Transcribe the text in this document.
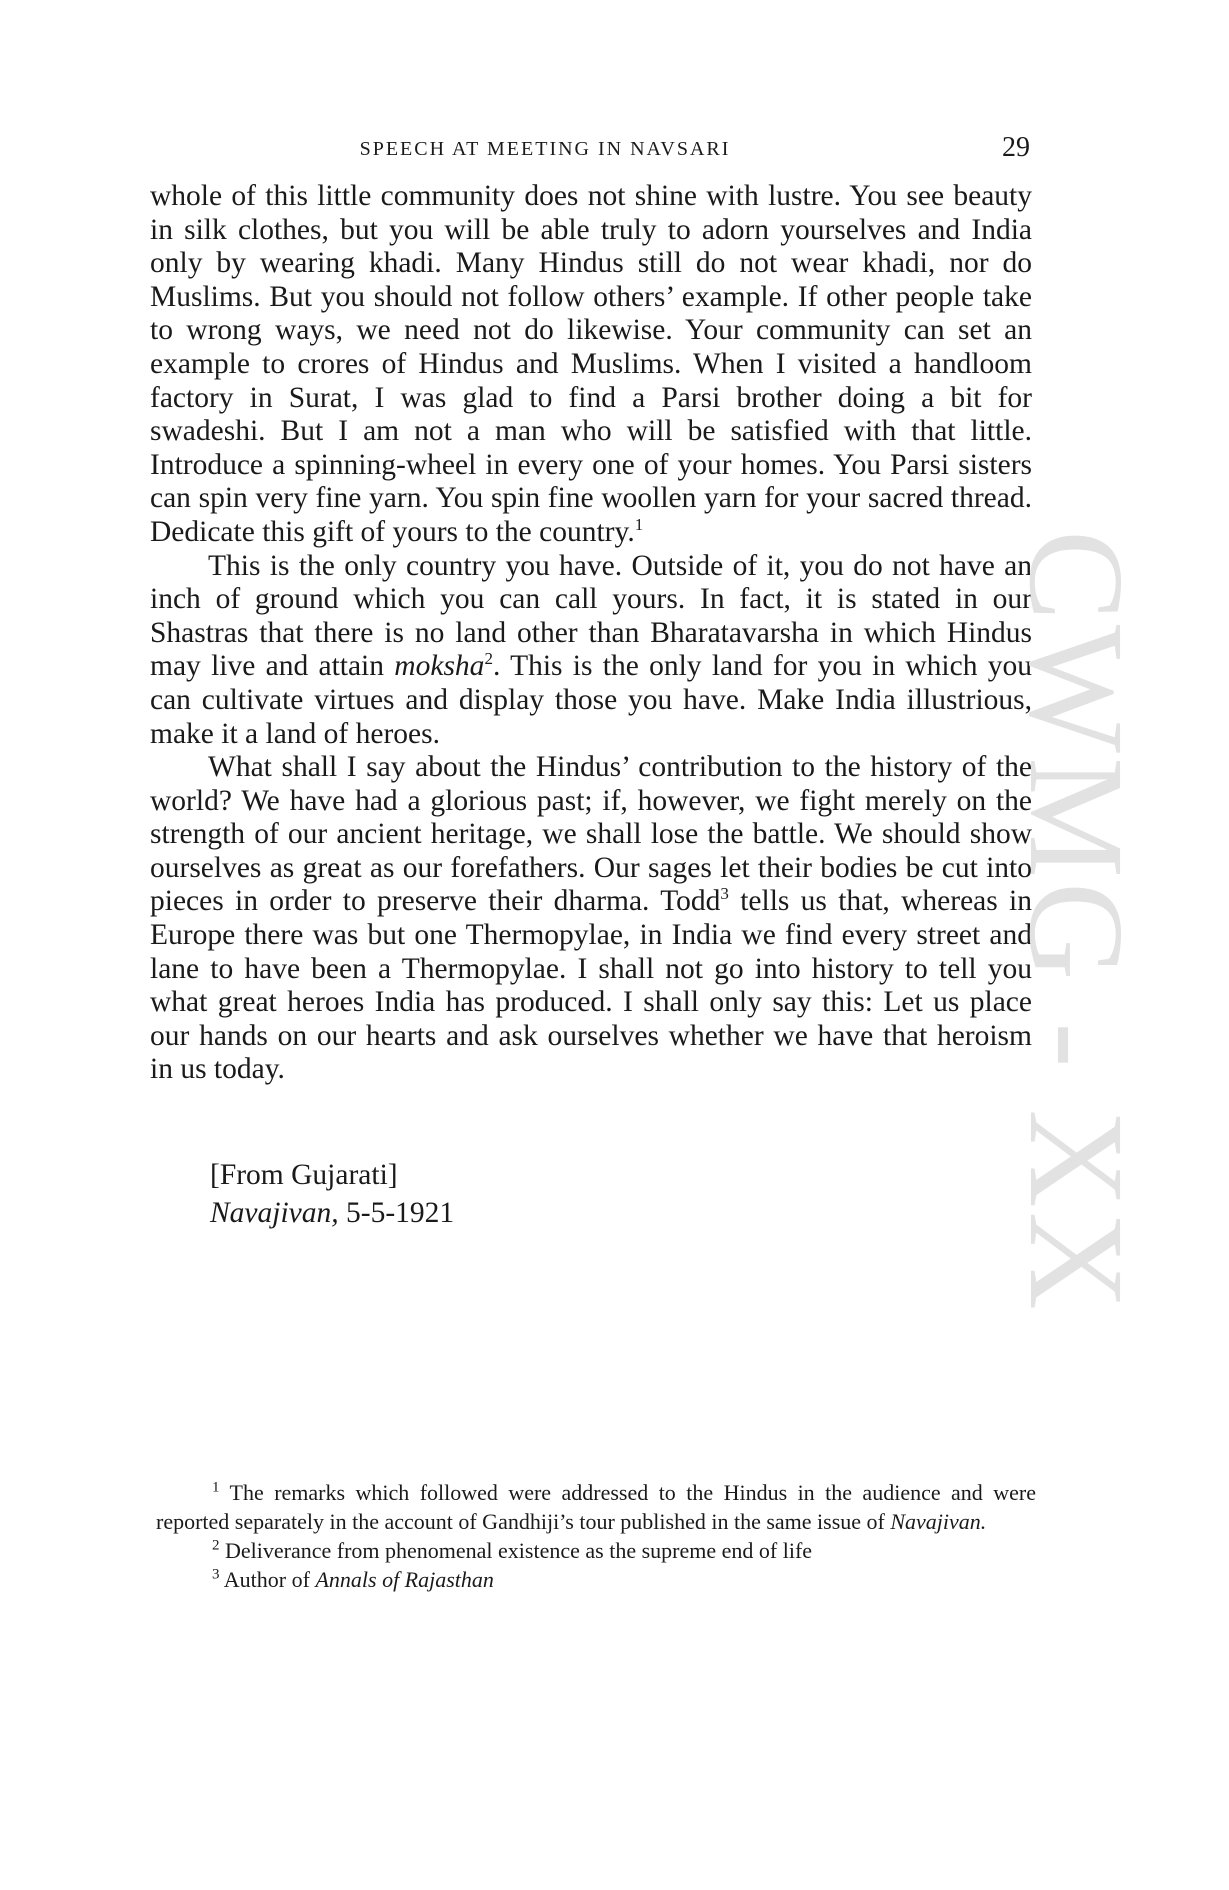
SPEECH AT MEETING IN NAVSARI	29

whole of this little community does not shine with lustre. You see beauty in silk clothes, but you will be able truly to adorn yourselves and India only by wearing khadi. Many Hindus still do not wear khadi, nor do Muslims. But you should not follow others’ example. If other people take to wrong ways, we need not do likewise. Your community can set an example to crores of Hindus and Muslims. When I visited a handloom factory in Surat, I was glad to find a Parsi brother doing a bit for swadeshi. But I am not a man who will be satisfied with that little. Introduce a spinning-wheel in every one of your homes. You Parsi sisters can spin very fine yarn. You spin fine woollen yarn for your sacred thread. Dedicate this gift of yours to the country.$^1$

This is the only country you have. Outside of it, you do not have an inch of ground which you can call yours. In fact, it is stated in our Shastras that there is no land other than Bharatavarsha in which Hindus may live and attain moksha$^2$. This is the only land for you in which you can cultivate virtues and display those you have. Make India illustrious, make it a land of heroes.

What shall I say about the Hindus’ contribution to the history of the world? We have had a glorious past; if, however, we fight merely on the strength of our ancient heritage, we shall lose the battle. We should show ourselves as great as our forefathers. Our sages let their bodies be cut into pieces in order to preserve their dharma. Todd$^3$ tells us that, whereas in Europe there was but one Thermopylae, in India we find every street and lane to have been a Thermopylae. I shall not go into history to tell you what great heroes India has produced. I shall only say this: Let us place our hands on our hearts and ask ourselves whether we have that heroism in us today.

[From Gujarati]
Navajivan, 5-5-1921

$^1$ The remarks which followed were addressed to the Hindus in the audience and were reported separately in the account of Gandhiji’s tour published in the same issue of Navajivan.

$^2$ Deliverance from phenomenal existence as the supreme end of life

$^3$ Author of Annals of Rajasthan

CWMG - XX
